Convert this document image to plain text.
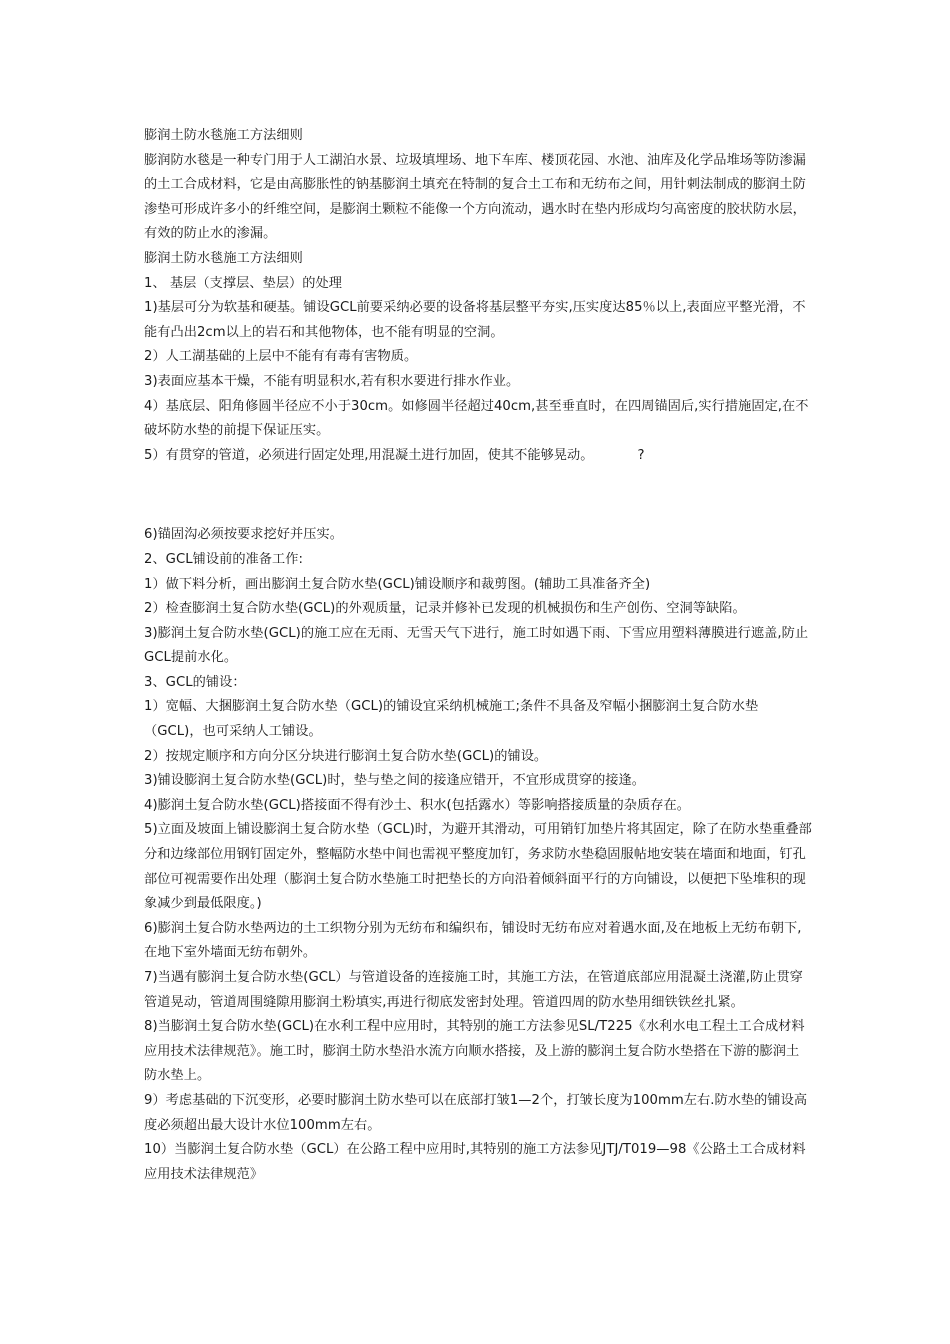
膨润土防水毯施工方法细则

膨润防水毯是一种专门用于人工湖泊水景、垃圾填埋场、地下车库、楼顶花园、水池、油库及化学品堆场等防渗漏的土工合成材料，它是由高膨胀性的钠基膨润土填充在特制的复合土工布和无纺布之间，用针刺法制成的膨润土防渗垫可形成许多小的纤维空间，是膨润土颗粒不能像一个方向流动，遇水时在垫内形成均匀高密度的胶状防水层，有效的防止水的渗漏。

膨润土防水毯施工方法细则

1、 基层（支撑层、垫层）的处理

1)基层可分为软基和硬基。铺设GCL前要采纳必要的设备将基层整平夯实,压实度达85％以上,表面应平整光滑，不能有凸出2cm以上的岩石和其他物体，也不能有明显的空洞。

2）人工湖基础的上层中不能有有毒有害物质。

3)表面应基本干燥，不能有明显积水,若有积水要进行排水作业。

4）基底层、阳角修圆半径应不小于30cm。如修圆半径超过40cm,甚至垂直时，在四周锚固后,实行措施固定,在不破坏防水垫的前提下保证压实。

5）有贯穿的管道，必须进行固定处理,用混凝土进行加固，使其不能够晃动。	?

6)锚固沟必须按要求挖好并压实。

2、GCL铺设前的准备工作:

1）做下料分析，画出膨润土复合防水垫(GCL)铺设顺序和裁剪图。(辅助工具准备齐全)

2）检查膨润土复合防水垫(GCL)的外观质量，记录并修补已发现的机械损伤和生产创伤、空洞等缺陷。

3)膨润土复合防水垫(GCL)的施工应在无雨、无雪天气下进行，施工时如遇下雨、下雪应用塑料薄膜进行遮盖,防止GCL提前水化。

3、GCL的铺设：

1）宽幅、大捆膨润土复合防水垫（GCL)的铺设宜采纳机械施工;条件不具备及窄幅小捆膨润土复合防水垫（GCL)，也可采纳人工铺设。

2）按规定顺序和方向分区分块进行膨润土复合防水垫(GCL)的铺设。

3)铺设膨润土复合防水垫(GCL)时，垫与垫之间的接逢应错开，不宜形成贯穿的接逢。

4)膨润土复合防水垫(GCL)搭接面不得有沙土、积水(包括露水）等影响搭接质量的杂质存在。

5)立面及坡面上铺设膨润土复合防水垫（GCL)时，为避开其滑动，可用销钉加垫片将其固定，除了在防水垫重叠部分和边缘部位用钢钉固定外，整幅防水垫中间也需视平整度加钉，务求防水垫稳固服帖地安装在墙面和地面，钉孔部位可视需要作出处理（膨润土复合防水垫施工时把垫长的方向沿着倾斜面平行的方向铺设，以便把下坠堆积的现象减少到最低限度。)

6)膨润土复合防水垫两边的土工织物分别为无纺布和编织布，铺设时无纺布应对着遇水面,及在地板上无纺布朝下,在地下室外墙面无纺布朝外。

7)当遇有膨润土复合防水垫(GCL）与管道设备的连接施工时，其施工方法，在管道底部应用混凝土浇灌,防止贯穿管道晃动，管道周围缝隙用膨润土粉填实,再进行彻底发密封处理。管道四周的防水垫用细铁铁丝扎紧。

8)当膨润土复合防水垫(GCL)在水利工程中应用时，其特别的施工方法参见SL/T225《水利水电工程土工合成材料应用技术法律规范》。施工时，膨润土防水垫沿水流方向顺水搭接，及上游的膨润土复合防水垫搭在下游的膨润土防水垫上。

9）考虑基础的下沉变形，必要时膨润土防水垫可以在底部打皱1—2个，打皱长度为100mm左右.防水垫的铺设高度必须超出最大设计水位100mm左右。

10）当膨润土复合防水垫（GCL）在公路工程中应用时,其特别的施工方法参见JTJ/T019—98《公路土工合成材料应用技术法律规范》
